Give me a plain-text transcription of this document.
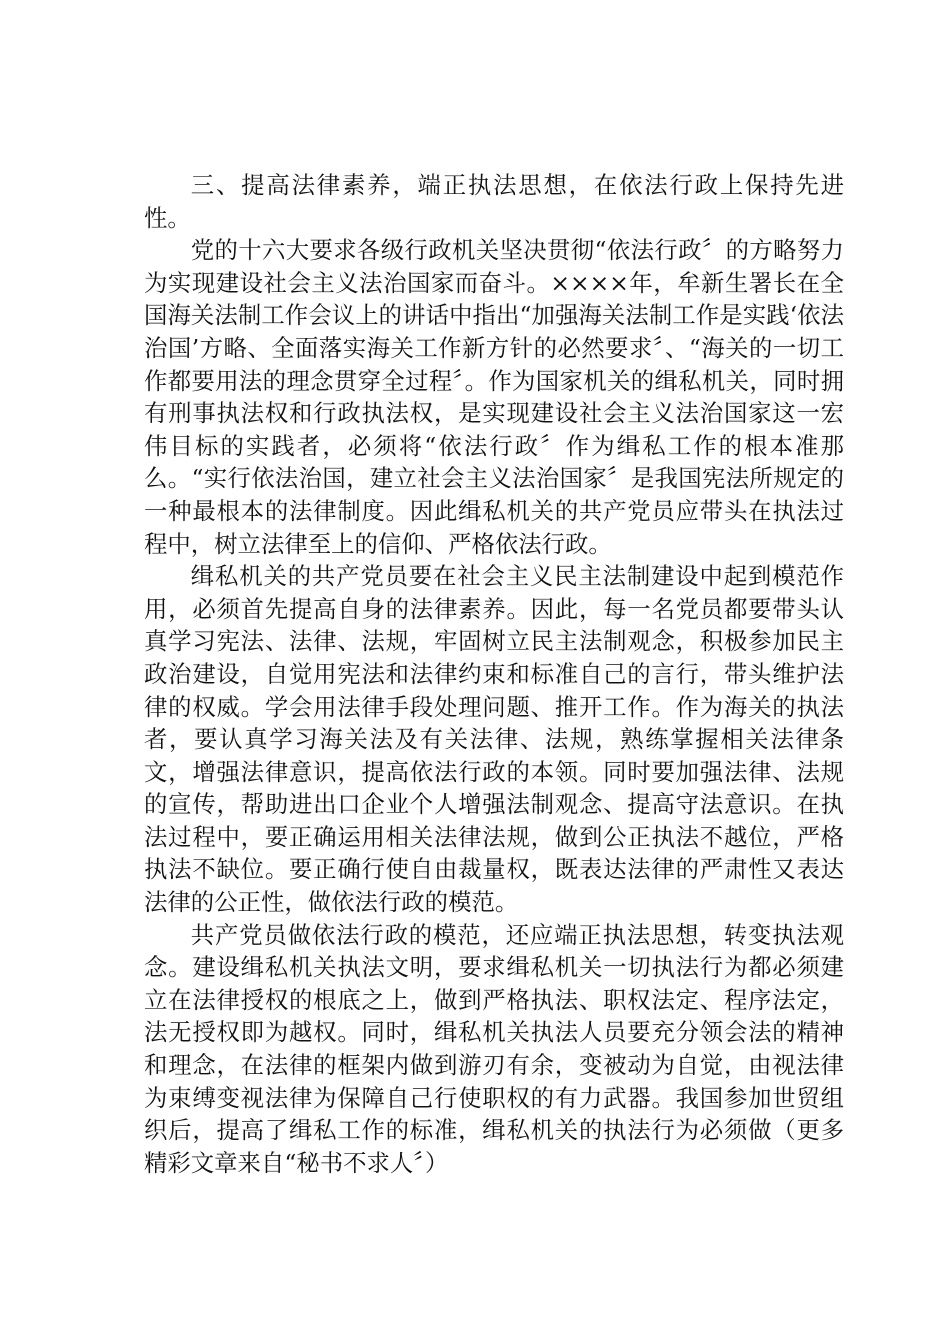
三、提高法律素养，端正执法思想，在依法行政上保持先进性。

党的十六大要求各级行政机关坚决贯彻“依法行政〞的方略努力为实现建设社会主义法治国家而奋斗。××××年，牟新生署长在全国海关法制工作会议上的讲话中指出“加强海关法制工作是实践‘依法治国’方略、全面落实海关工作新方针的必然要求〞、“海关的一切工作都要用法的理念贯穿全过程〞。作为国家机关的缉私机关，同时拥有刑事执法权和行政执法权，是实现建设社会主义法治国家这一宏伟目标的实践者，必须将“依法行政〞作为缉私工作的根本准那么。“实行依法治国，建立社会主义法治国家〞是我国宪法所规定的一种最根本的法律制度。因此缉私机关的共产党员应带头在执法过程中，树立法律至上的信仰、严格依法行政。

缉私机关的共产党员要在社会主义民主法制建设中起到模范作用，必须首先提高自身的法律素养。因此，每一名党员都要带头认真学习宪法、法律、法规，牢固树立民主法制观念，积极参加民主政治建设，自觉用宪法和法律约束和标准自己的言行，带头维护法律的权威。学会用法律手段处理问题、推开工作。作为海关的执法者，要认真学习海关法及有关法律、法规，熟练掌握相关法律条文，增强法律意识，提高依法行政的本领。同时要加强法律、法规的宣传，帮助进出口企业个人增强法制观念、提高守法意识。在执法过程中，要正确运用相关法律法规，做到公正执法不越位，严格执法不缺位。要正确行使自由裁量权，既表达法律的严肃性又表达法律的公正性，做依法行政的模范。

共产党员做依法行政的模范，还应端正执法思想，转变执法观念。建设缉私机关执法文明，要求缉私机关一切执法行为都必须建立在法律授权的根底之上，做到严格执法、职权法定、程序法定，法无授权即为越权。同时，缉私机关执法人员要充分领会法的精神和理念，在法律的框架内做到游刃有余，变被动为自觉，由视法律为束缚变视法律为保障自己行使职权的有力武器。我国参加世贸组织后，提高了缉私工作的标准，缉私机关的执法行为必须做（更多精彩文章来自“秘书不求人〞）
